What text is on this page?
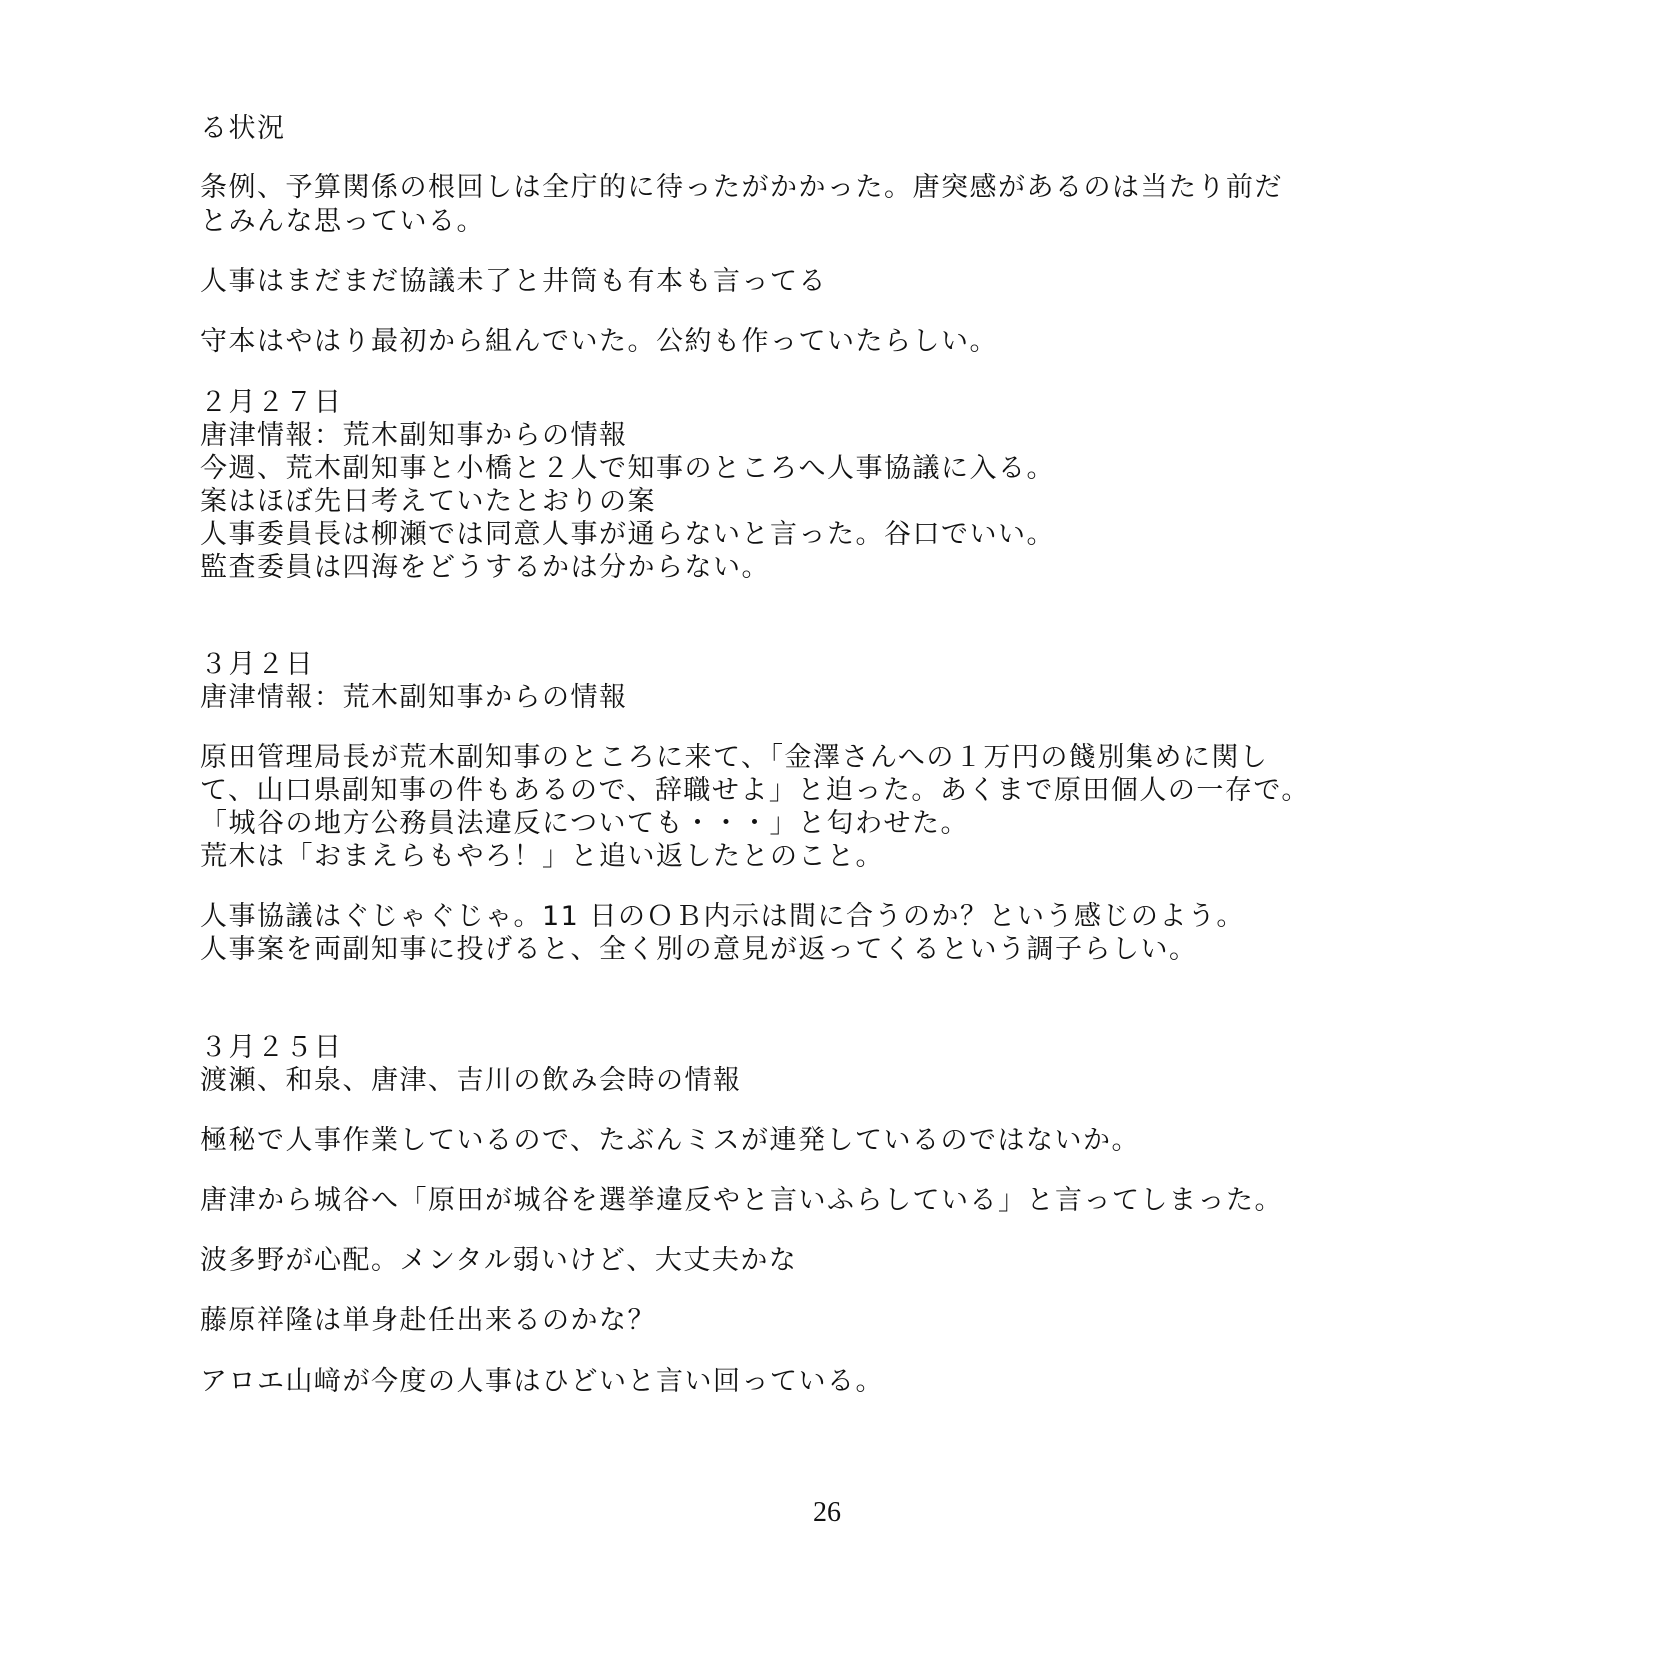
る状況
条例、予算関係の根回しは全庁的に待ったがかかった。唐突感があるのは当たり前だ
とみんな思っている。
人事はまだまだ協議未了と井筒も有本も言ってる
守本はやはり最初から組んでいた。公約も作っていたらしい。
２月２７日
唐津情報：荒木副知事からの情報
今週、荒木副知事と小橋と２人で知事のところへ人事協議に入る。
案はほぼ先日考えていたとおりの案
人事委員長は柳瀬では同意人事が通らないと言った。谷口でいい。
監査委員は四海をどうするかは分からない。
３月２日
唐津情報：荒木副知事からの情報
原田管理局長が荒木副知事のところに来て、「金澤さんへの１万円の餞別集めに関し
て、山口県副知事の件もあるので、辞職せよ」と迫った。あくまで原田個人の一存で。
「城谷の地方公務員法違反についても・・・」と匂わせた。
荒木は「おまえらもやろ！」と追い返したとのこと。
人事協議はぐじゃぐじゃ。11 日のＯＢ内示は間に合うのか？という感じのよう。
人事案を両副知事に投げると、全く別の意見が返ってくるという調子らしい。
３月２５日
渡瀬、和泉、唐津、吉川の飲み会時の情報
極秘で人事作業しているので、たぶんミスが連発しているのではないか。
唐津から城谷へ「原田が城谷を選挙違反やと言いふらしている」と言ってしまった。
波多野が心配。メンタル弱いけど、大丈夫かな
藤原祥隆は単身赴任出来るのかな？
アロエ山﨑が今度の人事はひどいと言い回っている。
26
